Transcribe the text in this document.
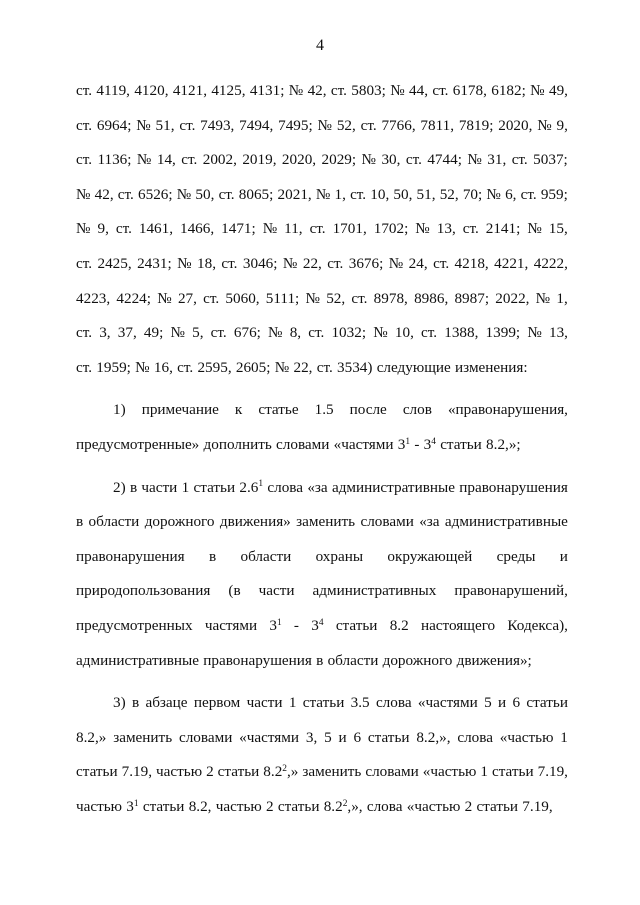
4
ст. 4119, 4120, 4121, 4125, 4131; № 42, ст. 5803; № 44, ст. 6178, 6182; № 49,
ст. 6964; № 51, ст. 7493, 7494, 7495; № 52, ст. 7766, 7811, 7819; 2020, № 9,
ст. 1136; № 14, ст. 2002, 2019, 2020, 2029; № 30, ст. 4744; № 31, ст. 5037;
№ 42, ст. 6526; № 50, ст. 8065; 2021, № 1, ст. 10, 50, 51, 52, 70; № 6, ст. 959;
№ 9, ст. 1461, 1466, 1471; № 11, ст. 1701, 1702; № 13, ст. 2141; № 15,
ст. 2425, 2431; № 18, ст. 3046; № 22, ст. 3676; № 24, ст. 4218, 4221, 4222,
4223, 4224; № 27, ст. 5060, 5111; № 52, ст. 8978, 8986, 8987; 2022, № 1,
ст. 3, 37, 49; № 5, ст. 676; № 8, ст. 1032; № 10, ст. 1388, 1399; № 13,
ст. 1959; № 16, ст. 2595, 2605; № 22, ст. 3534) следующие изменения:
1) примечание к статье 1.5 после слов «правонарушения,
предусмотренные» дополнить словами «частями $3^1 - 3^4$ статьи 8.2,»;
2) в части 1 статьи $2.6^1$ слова «за административные правонарушения
в области дорожного движения» заменить словами «за административные
правонарушения в области охраны окружающей среды и
природопользования (в части административных правонарушений,
предусмотренных частями $3^1 - 3^4$ статьи 8.2 настоящего Кодекса),
административные правонарушения в области дорожного движения»;
3) в абзаце первом части 1 статьи 3.5 слова «частями 5 и 6 статьи
8.2,» заменить словами «частями 3, 5 и 6 статьи 8.2,», слова «частью 1
статьи 7.19, частью 2 статьи $8.2^2$,» заменить словами «частью 1 статьи 7.19,
частью $3^1$ статьи 8.2, частью 2 статьи $8.2^2$,», слова «частью 2 статьи 7.19,
